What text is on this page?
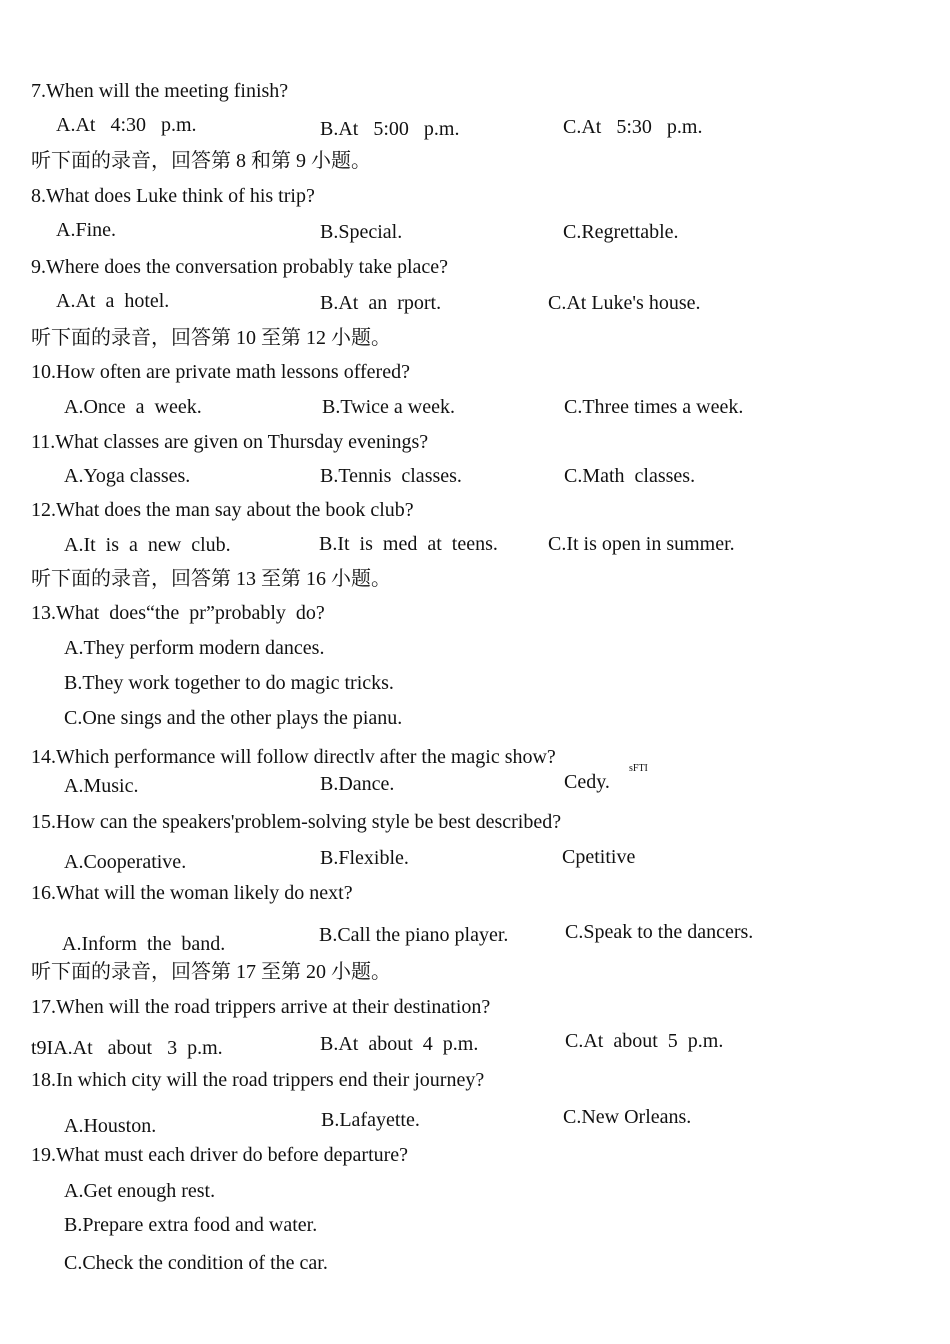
7.When will the meeting finish?
A.At   4:30   p.m.	B.At   5:00   p.m.	C.At   5:30   p.m.
听下面的录音，回答第 8 和第 9 小题。
8.What does Luke think of his trip?
A.Fine.	B.Special.	C.Regrettable.
9.Where does the conversation probably take place?
A.At  a  hotel.	B.At  an  rport.	C.At Luke's house.
听下面的录音，回答第 10 至第 12 小题。
10.How often are private math lessons offered?
A.Once  a  week.	B.Twice a week.	C.Three times a week.
11.What classes are given on Thursday evenings?
A.Yoga classes.	B.Tennis  classes.	C.Math  classes.
12.What does the man say about the book club?
A.It  is  a  new  club.	B.It  is  med  at  teens.	C.It is open in summer.
听下面的录音，回答第 13 至第 16 小题。
13.What  does“the  pr”probably  do?
A.They perform modern dances.
B.They work together to do magic tricks.
C.One sings and the other plays the pianu.
14.Which performance will follow directlv after the magic show?
sFTI
A.Music.	B.Dance.	Cedy.
15.How can the speakers'problem-solving style be best described?
A.Cooperative.	B.Flexible.	Cpetitive
16.What will the woman likely do next?
A.Inform  the  band.	B.Call the piano player.	C.Speak to the dancers.
听下面的录音，回答第 17 至第 20 小题。
17.When will the road trippers arrive at their destination?
t9IA.At   about   3  p.m.	B.At  about  4  p.m.	C.At  about  5  p.m.
18.In which city will the road trippers end their journey?
A.Houston.	B.Lafayette.	C.New Orleans.
19.What must each driver do before departure?
A.Get enough rest.
B.Prepare extra food and water.
C.Check the condition of the car.
